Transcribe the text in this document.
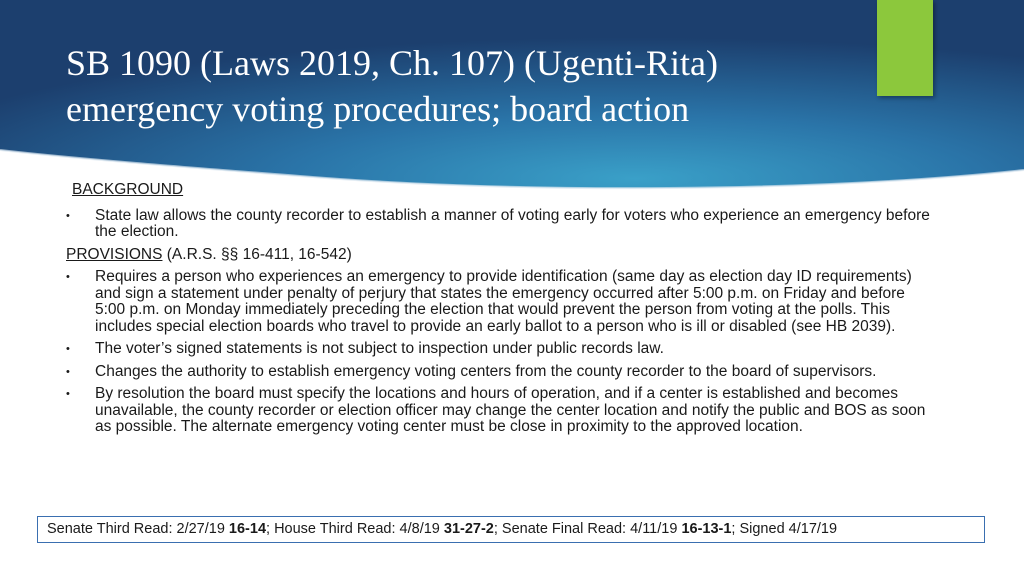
SB 1090 (Laws 2019, Ch. 107) (Ugenti-Rita)
emergency voting procedures; board action
BACKGROUND
• State law allows the county recorder to establish a manner of voting early for voters who experience an emergency before the election.
PROVISIONS (A.R.S. §§ 16-411, 16-542)
• Requires a person who experiences an emergency to provide identification (same day as election day ID requirements) and sign a statement under penalty of perjury that states the emergency occurred after 5:00 p.m. on Friday and before 5:00 p.m. on Monday immediately preceding the election that would prevent the person from voting at the polls. This includes special election boards who travel to provide an early ballot to a person who is ill or disabled (see HB 2039).
• The voter’s signed statements is not subject to inspection under public records law.
• Changes the authority to establish emergency voting centers from the county recorder to the board of supervisors.
• By resolution the board must specify the locations and hours of operation, and if a center is established and becomes unavailable, the county recorder or election officer may change the center location and notify the public and BOS as soon as possible. The alternate emergency voting center must be close in proximity to the approved location.
Senate Third Read: 2/27/19 16-14; House Third Read: 4/8/19 31-27-2; Senate Final Read: 4/11/19 16-13-1; Signed 4/17/19
